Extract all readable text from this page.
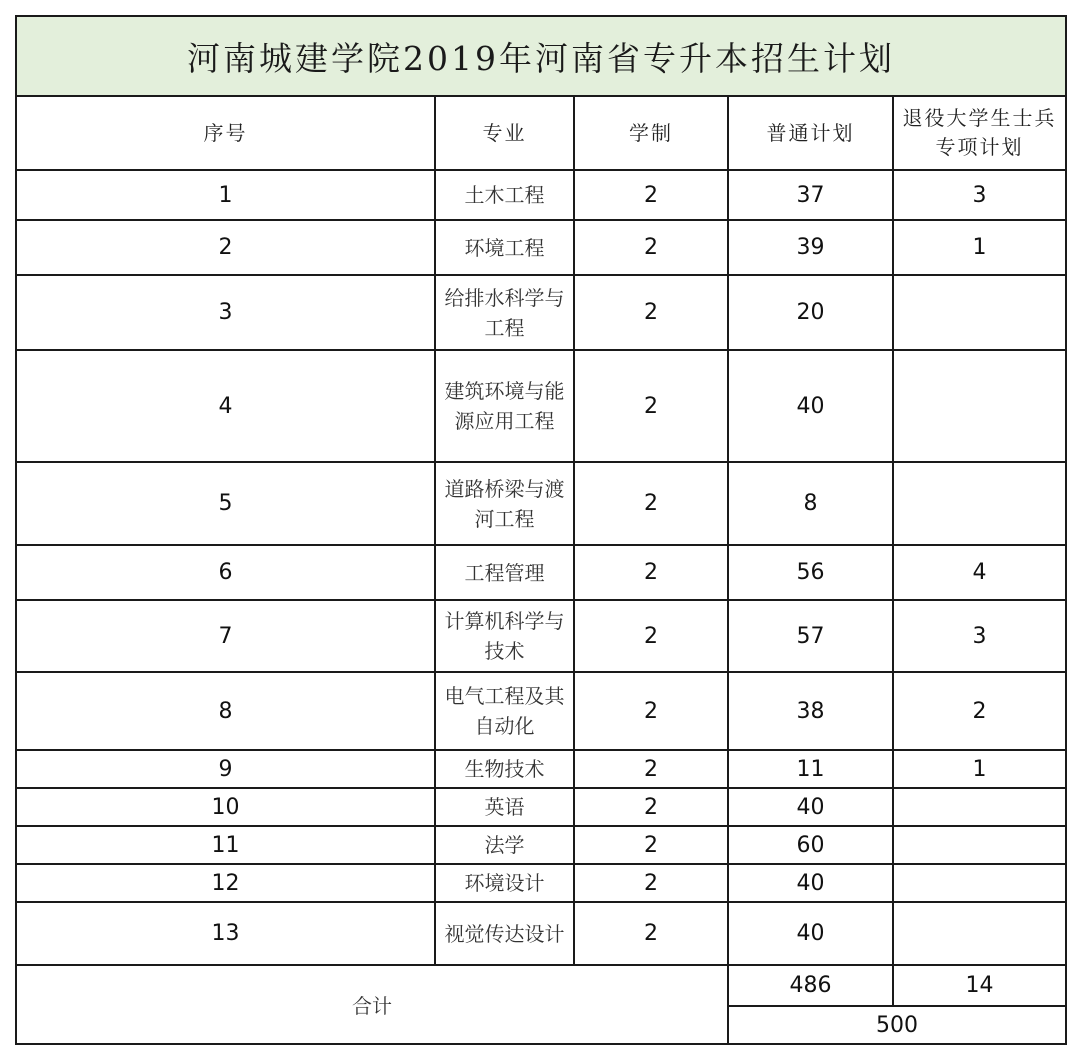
河南城建学院2019年河南省专升本招生计划				
序号	专业	学制	普通计划	退役大学生士兵专项计划
1	土木工程	2	37	3
2	环境工程	2	39	1
3	给排水科学与工程	2	20	
4	建筑环境与能源应用工程	2	40	
5	道路桥梁与渡河工程	2	8	
6	工程管理	2	56	4
7	计算机科学与技术	2	57	3
8	电气工程及其自动化	2	38	2
9	生物技术	2	11	1
10	英语	2	40	
11	法学	2	60	
12	环境设计	2	40	
13	视觉传达设计	2	40	
合计			486	14
			500	
